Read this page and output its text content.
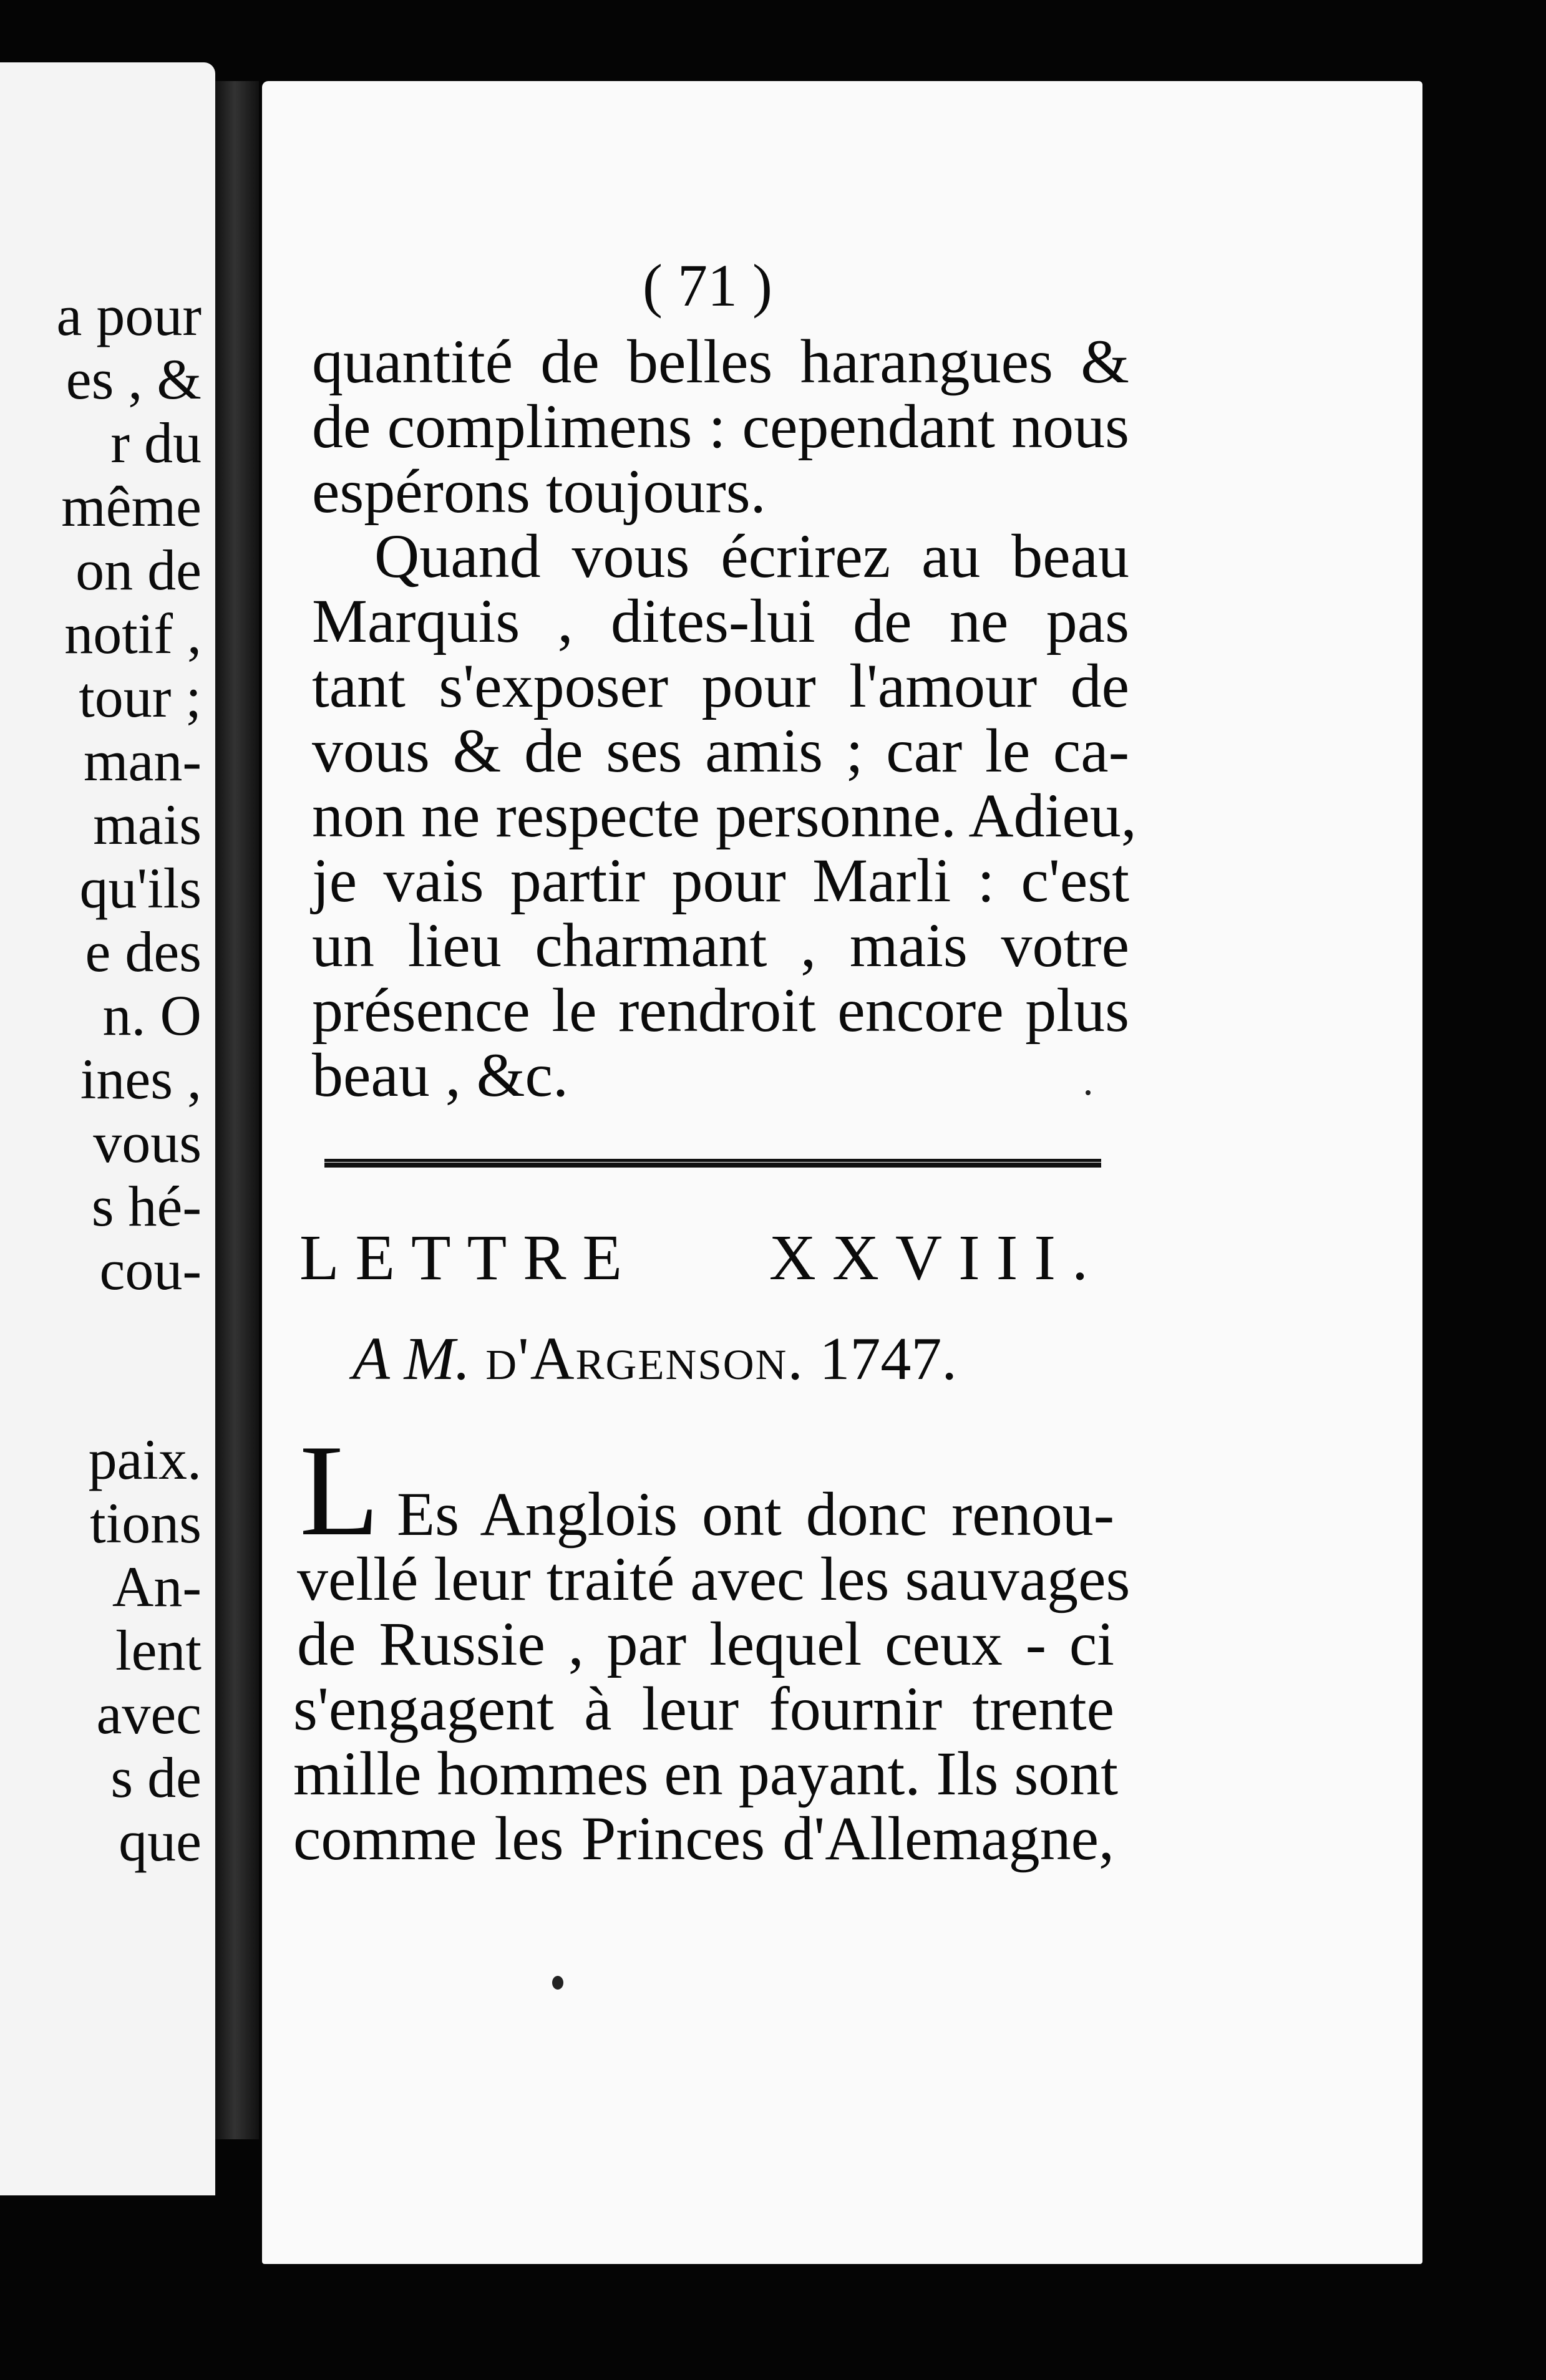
a pour
es , &
r du
même
on de
notif ,
tour ;
man-
mais
qu'ils
e des
n. O
ines ,
vous
s hé-
cou-
paix.
tions
An-
lent
avec
s de
que
( 71 )
quantité de belles harangues &
de complimens : cependant nous
espérons toujours.
Quand vous écrirez au beau
Marquis , dites-lui de ne pas
tant s'exposer pour l'amour de
vous & de ses amis ; car le ca-
non ne respecte personne. Adieu,
je vais partir pour Marli : c'est
un lieu charmant , mais votre
présence le rendroit encore plus
beau , &c.
LETTRE XXVIII.
A M. d'Argenson. 1747.
L Es Anglois ont donc renou-
vellé leur traité avec les sauvages
de Russie , par lequel ceux - ci
s'engagent à leur fournir trente
mille hommes en payant. Ils sont
comme les Princes d'Allemagne,
